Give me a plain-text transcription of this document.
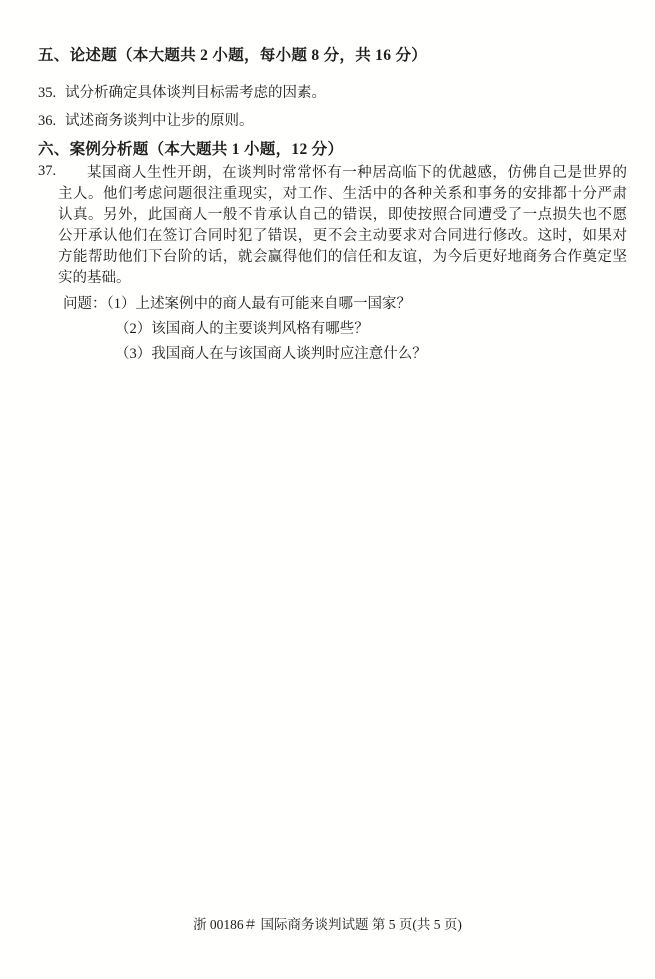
五、论述题（本大题共 2 小题，每小题 8 分，共 16 分）
35. 试分析确定具体谈判目标需考虑的因素。
36. 试述商务谈判中让步的原则。
六、案例分析题（本大题共 1 小题，12 分）
37.	某国商人生性开朗，在谈判时常常怀有一种居高临下的优越感，仿佛自己是世界的
主人。他们考虑问题很注重现实，对工作、生活中的各种关系和事务的安排都十分严肃
认真。另外，此国商人一般不肯承认自己的错误，即使按照合同遭受了一点损失也不愿
公开承认他们在签订合同时犯了错误，更不会主动要求对合同进行修改。这时，如果对
方能帮助他们下台阶的话，就会赢得他们的信任和友谊，为今后更好地商务合作奠定坚
实的基础。
问题：（1）上述案例中的商人最有可能来自哪一国家？
（2）该国商人的主要谈判风格有哪些？
（3）我国商人在与该国商人谈判时应注意什么？
浙 00186＃ 国际商务谈判试题 第 5 页(共 5 页)
